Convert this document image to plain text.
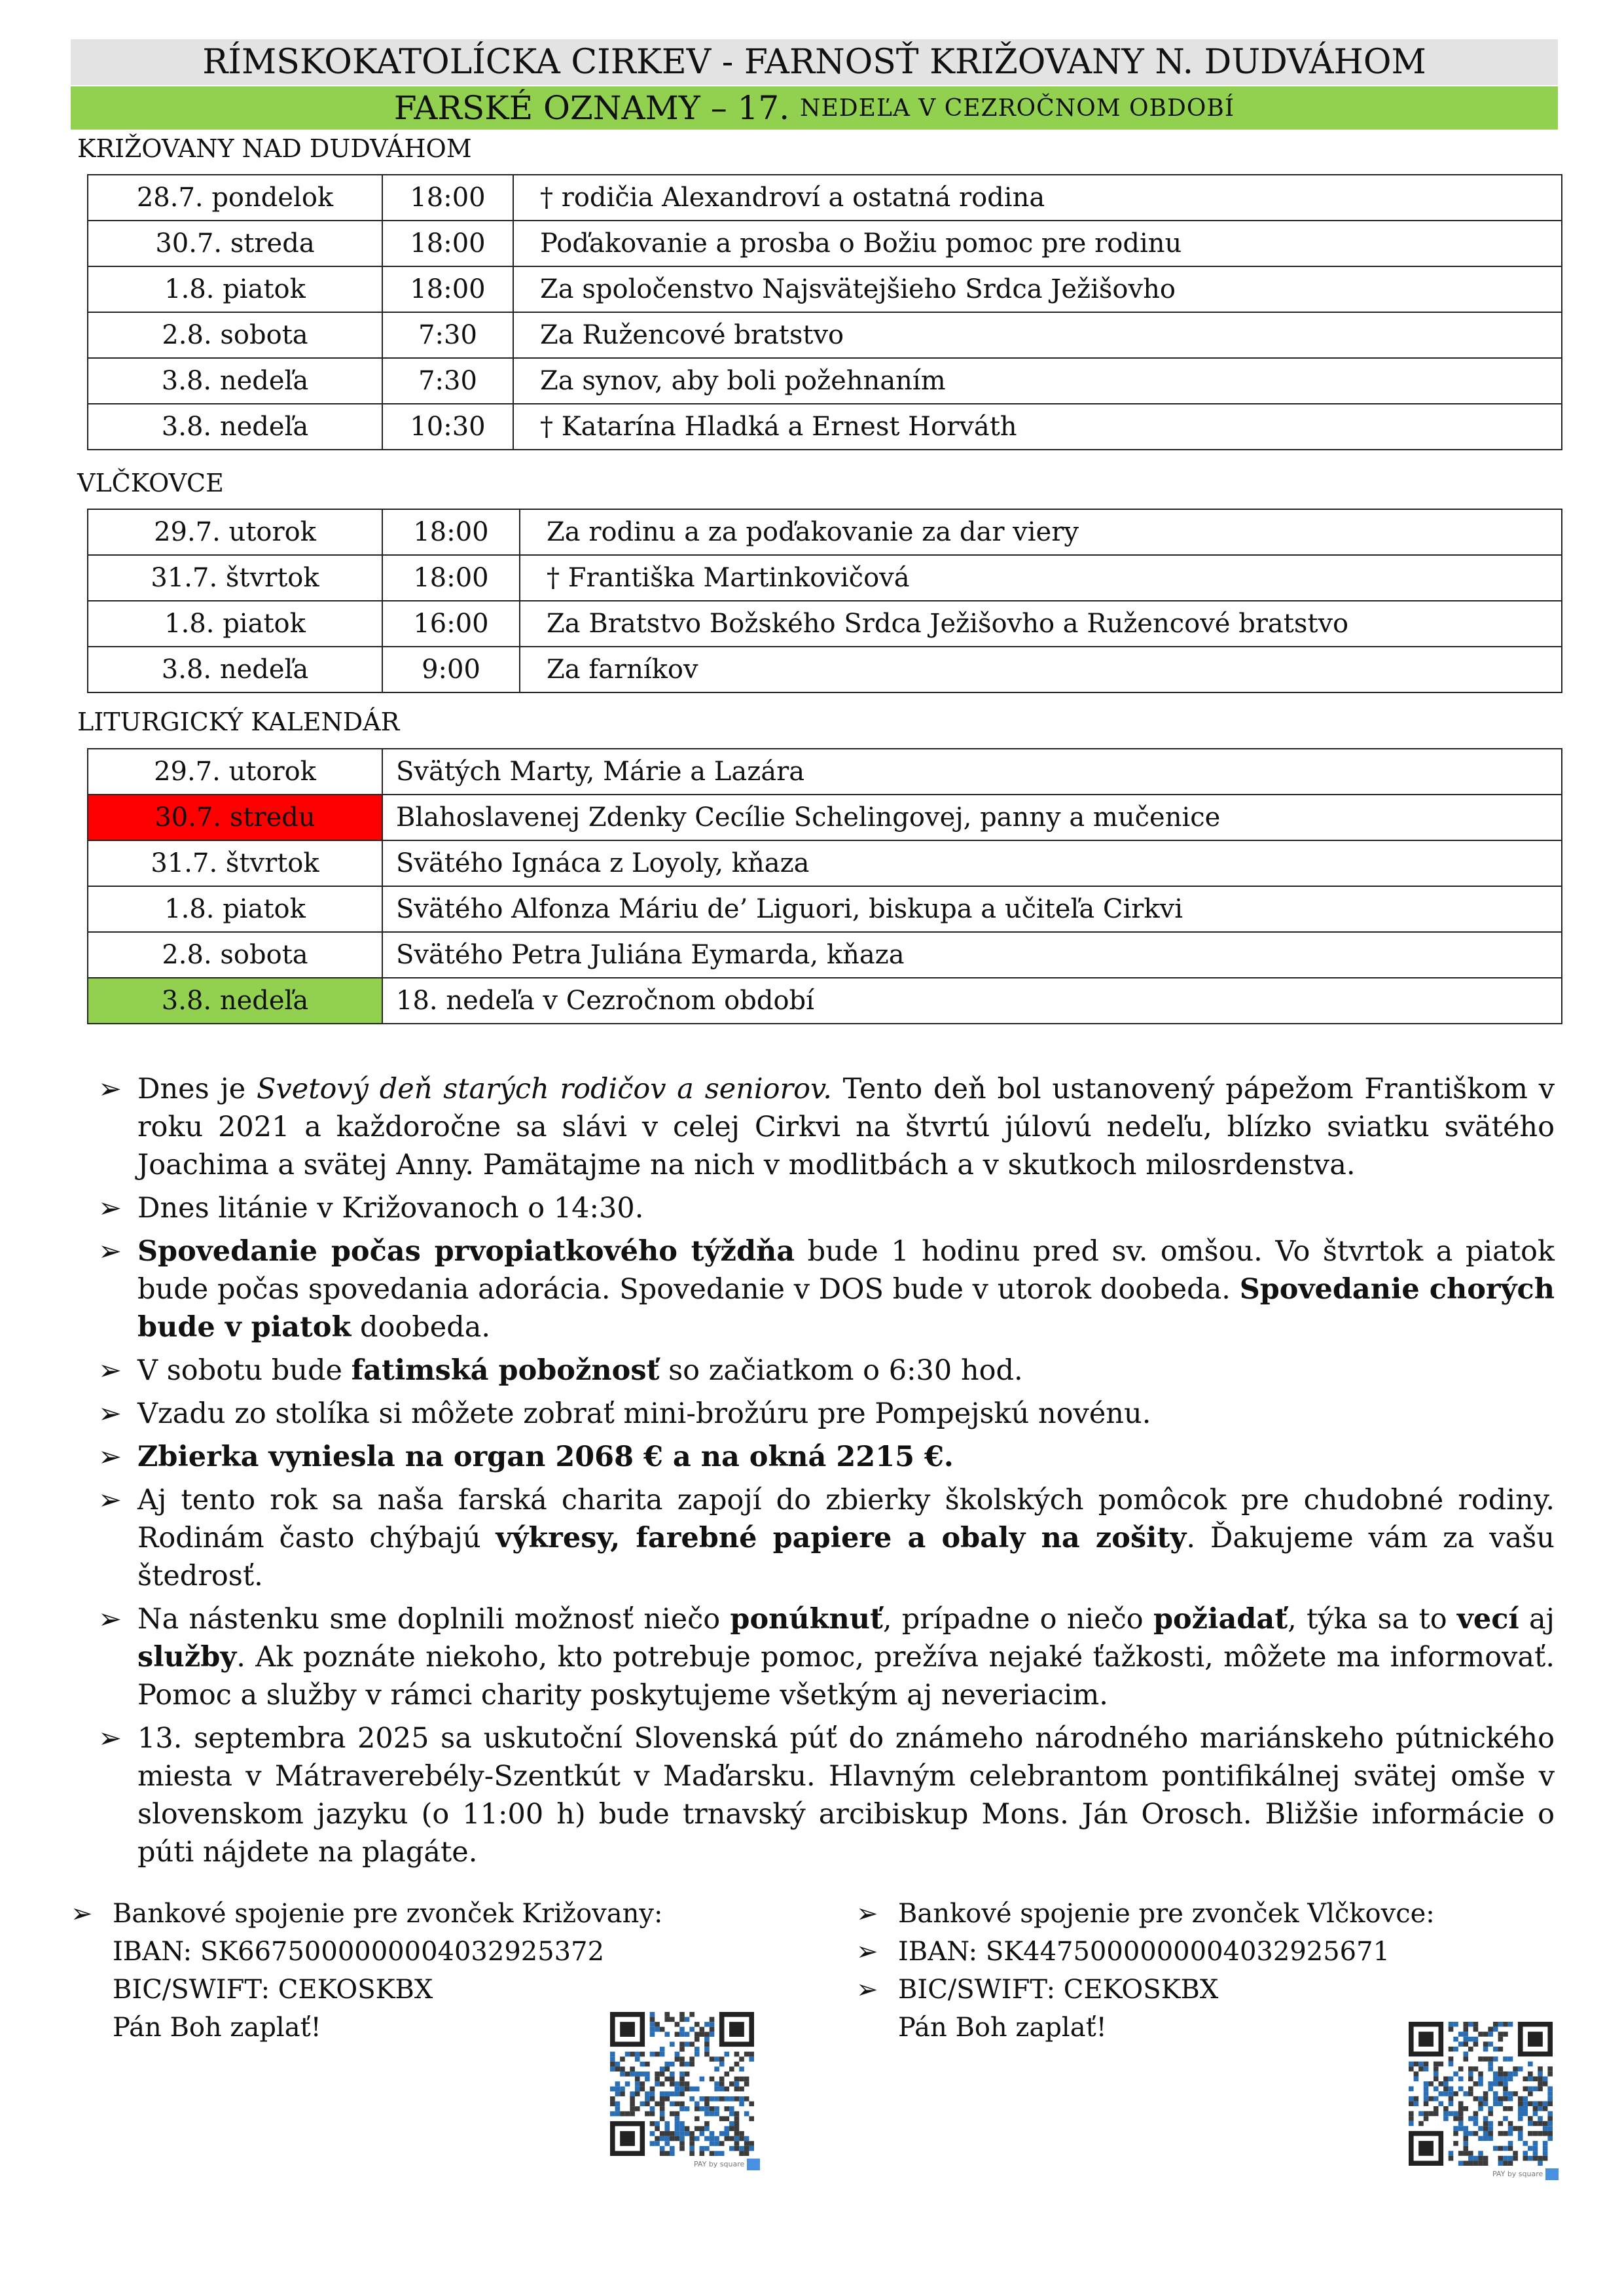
RÍMSKOKATOLÍCKA CIRKEV - FARNOSŤ KRIŽOVANY N. DUDVÁHOM
FARSKÉ OZNAMY – 17.
NEDEĽA V CEZROČNOM OBDOBÍ
KRIŽOVANY NAD DUDVÁHOM
28.7. pondelok	18:00	† rodičia Alexandroví a ostatná rodina
30.7. streda	18:00	Poďakovanie a prosba o Božiu pomoc pre rodinu
1.8. piatok	18:00	Za spoločenstvo Najsvätejšieho Srdca Ježišovho
2.8. sobota	7:30	Za Ružencové bratstvo
3.8. nedeľa	7:30	Za synov, aby boli požehnaním
3.8. nedeľa	10:30	† Katarína Hladká a Ernest Horváth
VLČKOVCE
29.7. utorok	18:00	Za rodinu a za poďakovanie za dar viery
31.7. štvrtok	18:00	† Františka Martinkovičová
1.8. piatok	16:00	Za Bratstvo Božského Srdca Ježišovho a Ružencové bratstvo
3.8. nedeľa	9:00	Za farníkov
LITURGICKÝ KALENDÁR
29.7. utorok	Svätých Marty, Márie a Lazára
30.7. stredu	Blahoslavenej Zdenky Cecílie Schelingovej, panny a mučenice
31.7. štvrtok	Svätého Ignáca z Loyoly, kňaza
1.8. piatok	Svätého Alfonza Máriu de’ Liguori, biskupa a učiteľa Cirkvi
2.8. sobota	Svätého Petra Juliána Eymarda, kňaza
3.8. nedeľa	18. nedeľa v Cezročnom období
➢ Dnes je Svetový deň starých rodičov a seniorov. Tento deň bol ustanovený pápežom Františkom v roku 2021 a každoročne sa slávi v celej Cirkvi na štvrtú júlovú nedeľu, blízko sviatku svätého Joachima a svätej Anny. Pamätajme na nich v modlitbách a v skutkoch milosrdenstva.
➢ Dnes litánie v Križovanoch o 14:30.
➢ Spovedanie počas prvopiatkového týždňa bude 1 hodinu pred sv. omšou. Vo štvrtok a piatok bude počas spovedania adorácia. Spovedanie v DOS bude v utorok doobeda. Spovedanie chorých bude v piatok doobeda.
➢ V sobotu bude fatimská pobožnosť so začiatkom o 6:30 hod.
➢ Vzadu zo stolíka si môžete zobrať mini-brožúru pre Pompejskú novénu.
➢ Zbierka vyniesla na organ 2068 € a na okná 2215 €.
➢ Aj tento rok sa naša farská charita zapojí do zbierky školských pomôcok pre chudobné rodiny. Rodinám často chýbajú výkresy, farebné papiere a obaly na zošity. Ďakujeme vám za vašu štedrosť.
➢ Na nástenku sme doplnili možnosť niečo ponúknuť, prípadne o niečo požiadať, týka sa to vecí aj služby. Ak poznáte niekoho, kto potrebuje pomoc, prežíva nejaké ťažkosti, môžete ma informovať. Pomoc a služby v rámci charity poskytujeme všetkým aj neveriacim.
➢ 13. septembra 2025 sa uskutoční Slovenská púť do známeho národného mariánskeho pútnického miesta v Mátraverebély-Szentkút v Maďarsku. Hlavným celebrantom pontifikálnej svätej omše v slovenskom jazyku (o 11:00 h) bude trnavský arcibiskup Mons. Ján Orosch. Bližšie informácie o púti nájdete na plagáte.
➢ Bankové spojenie pre zvonček Križovany:
IBAN: SK6675000000004032925372
BIC/SWIFT: CEKOSKBX
Pán Boh zaplať!
➢ Bankové spojenie pre zvonček Vlčkovce:
➢ IBAN: SK4475000000004032925671
➢ BIC/SWIFT: CEKOSKBX
Pán Boh zaplať!
PAY by square
PAY by square
